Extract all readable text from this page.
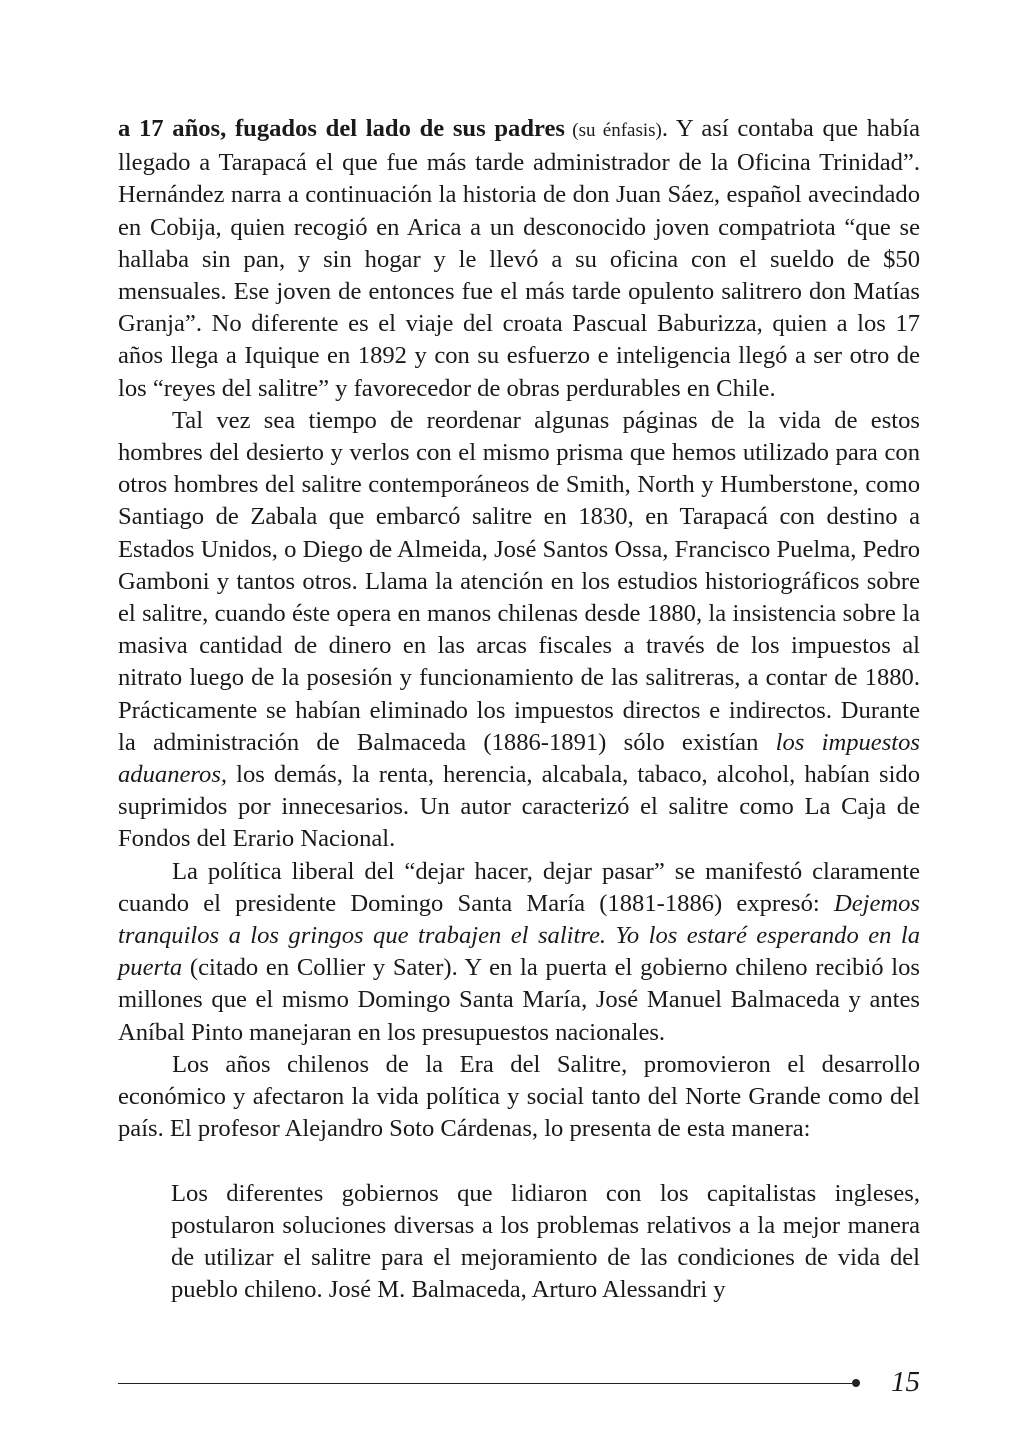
a 17 años, fugados del lado de sus padres (su énfasis). Y así contaba que había llegado a Tarapacá el que fue más tarde administrador de la Oficina Trinidad”. Hernández narra a continuación la historia de don Juan Sáez, español avecindado en Cobija, quien recogió en Arica a un desconocido joven compatriota “que se hallaba sin pan, y sin hogar y le llevó a su oficina con el sueldo de $50 mensuales. Ese joven de entonces fue el más tarde opulento salitrero don Matías Granja”. No diferente es el viaje del croata Pascual Baburizza, quien a los 17 años llega a Iquique en 1892 y con su esfuerzo e inteligencia llegó a ser otro de los “reyes del salitre” y favorecedor de obras perdurables en Chile.

Tal vez sea tiempo de reordenar algunas páginas de la vida de estos hombres del desierto y verlos con el mismo prisma que hemos utilizado para con otros hombres del salitre contemporáneos de Smith, North y Humberstone, como Santiago de Zabala que embarcó salitre en 1830, en Tarapacá con destino a Estados Unidos, o Diego de Almeida, José Santos Ossa, Francisco Puelma, Pedro Gamboni y tantos otros. Llama la atención en los estudios historiográficos sobre el salitre, cuando éste opera en manos chilenas desde 1880, la insistencia sobre la masiva cantidad de dinero en las arcas fiscales a través de los impuestos al nitrato luego de la posesión y funcionamiento de las salitreras, a contar de 1880. Prácticamente se habían eliminado los impuestos directos e indirectos. Durante la administración de Balmaceda (1886-1891) sólo existían los impuestos aduaneros, los demás, la renta, herencia, alcabala, tabaco, alcohol, habían sido suprimidos por innecesarios. Un autor caracterizó el salitre como La Caja de Fondos del Erario Nacional.

La política liberal del “dejar hacer, dejar pasar” se manifestó claramente cuando el presidente Domingo Santa María (1881-1886) expresó: Dejemos tranquilos a los gringos que trabajen el salitre. Yo los estaré esperando en la puerta (citado en Collier y Sater). Y en la puerta el gobierno chileno recibió los millones que el mismo Domingo Santa María, José Manuel Balmaceda y antes Aníbal Pinto manejaran en los presupuestos nacionales.

Los años chilenos de la Era del Salitre, promovieron el desarrollo económico y afectaron la vida política y social tanto del Norte Grande como del país. El profesor Alejandro Soto Cárdenas, lo presenta de esta manera:

Los diferentes gobiernos que lidiaron con los capitalistas ingleses, postularon soluciones diversas a los problemas relativos a la mejor manera de utilizar el salitre para el mejoramiento de las condiciones de vida del pueblo chileno. José M. Balmaceda, Arturo Alessandri y

15
